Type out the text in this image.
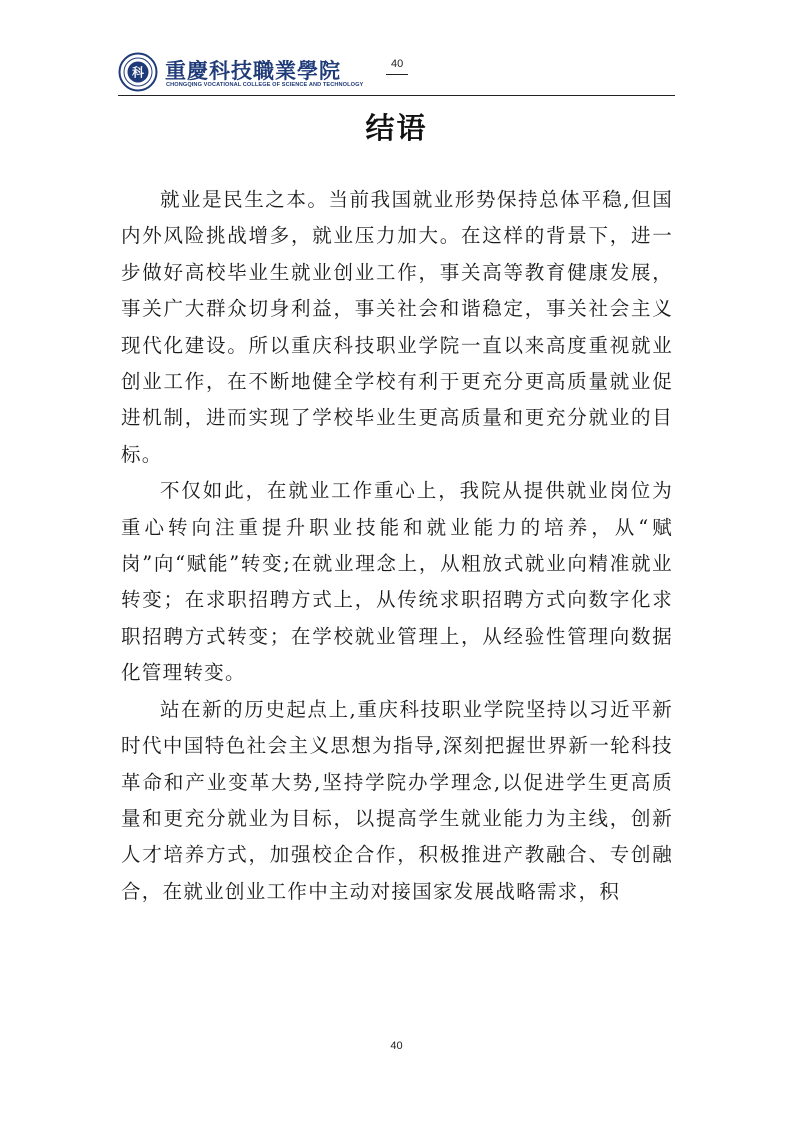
科 重慶科技職業學院
CHONGQING VOCATIONAL COLLEGE OF SCIENCE AND TECHNOLOGY
40
结语

就业是民生之本。当前我国就业形势保持总体平稳,但国内外风险挑战增多，就业压力加大。在这样的背景下，进一步做好高校毕业生就业创业工作，事关高等教育健康发展，事关广大群众切身利益，事关社会和谐稳定，事关社会主义现代化建设。所以重庆科技职业学院一直以来高度重视就业创业工作，在不断地健全学校有利于更充分更高质量就业促进机制，进而实现了学校毕业生更高质量和更充分就业的目标。

不仅如此，在就业工作重心上，我院从提供就业岗位为重心转向注重提升职业技能和就业能力的培养，从“赋岗”向“赋能”转变;在就业理念上，从粗放式就业向精准就业转变；在求职招聘方式上，从传统求职招聘方式向数字化求职招聘方式转变；在学校就业管理上，从经验性管理向数据化管理转变。

站在新的历史起点上,重庆科技职业学院坚持以习近平新时代中国特色社会主义思想为指导,深刻把握世界新一轮科技革命和产业变革大势,坚持学院办学理念,以促进学生更高质量和更充分就业为目标，以提高学生就业能力为主线，创新人才培养方式，加强校企合作，积极推进产教融合、专创融合，在就业创业工作中主动对接国家发展战略需求，积

40
